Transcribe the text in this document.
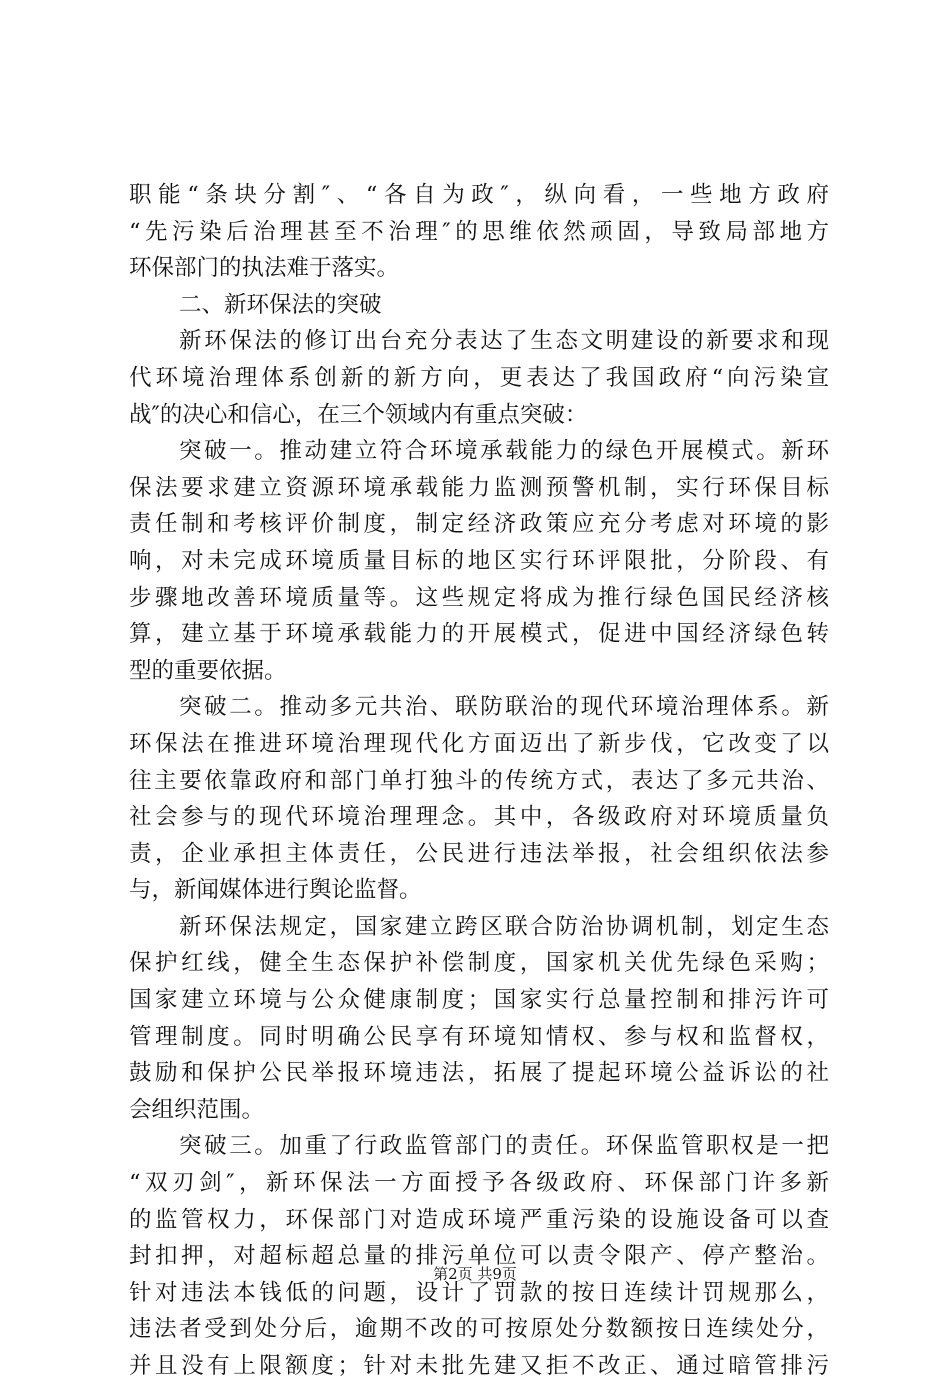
职能“条块分割″、“各自为政″，纵向看，一些地方政府
“先污染后治理甚至不治理″的思维依然顽固，导致局部地方
环保部门的执法难于落实。
二、新环保法的突破
新环保法的修订出台充分表达了生态文明建设的新要求和现
代环境治理体系创新的新方向，更表达了我国政府“向污染宣
战″的决心和信心，在三个领域内有重点突破：
突破一。推动建立符合环境承载能力的绿色开展模式。新环
保法要求建立资源环境承载能力监测预警机制，实行环保目标
责任制和考核评价制度，制定经济政策应充分考虑对环境的影
响，对未完成环境质量目标的地区实行环评限批，分阶段、有
步骤地改善环境质量等。这些规定将成为推行绿色国民经济核
算，建立基于环境承载能力的开展模式，促进中国经济绿色转
型的重要依据。
突破二。推动多元共治、联防联治的现代环境治理体系。新
环保法在推进环境治理现代化方面迈出了新步伐，它改变了以
往主要依靠政府和部门单打独斗的传统方式，表达了多元共治、
社会参与的现代环境治理理念。其中，各级政府对环境质量负
责，企业承担主体责任，公民进行违法举报，社会组织依法参
与，新闻媒体进行舆论监督。
新环保法规定，国家建立跨区联合防治协调机制，划定生态
保护红线，健全生态保护补偿制度，国家机关优先绿色采购；
国家建立环境与公众健康制度；国家实行总量控制和排污许可
管理制度。同时明确公民享有环境知情权、参与权和监督权，
鼓励和保护公民举报环境违法，拓展了提起环境公益诉讼的社
会组织范围。
突破三。加重了行政监管部门的责任。环保监管职权是一把
“双刃剑″，新环保法一方面授予各级政府、环保部门许多新
的监管权力，环保部门对造成环境严重污染的设施设备可以查
封扣押，对超标超总量的排污单位可以责令限产、停产整治。
针对违法本钱低的问题，设计了罚款的按日连续计罚规那么，
违法者受到处分后，逾期不改的可按原处分数额按日连续处分，
并且没有上限额度；针对未批先建又拒不改正、通过暗管排污
第2页 共9页
